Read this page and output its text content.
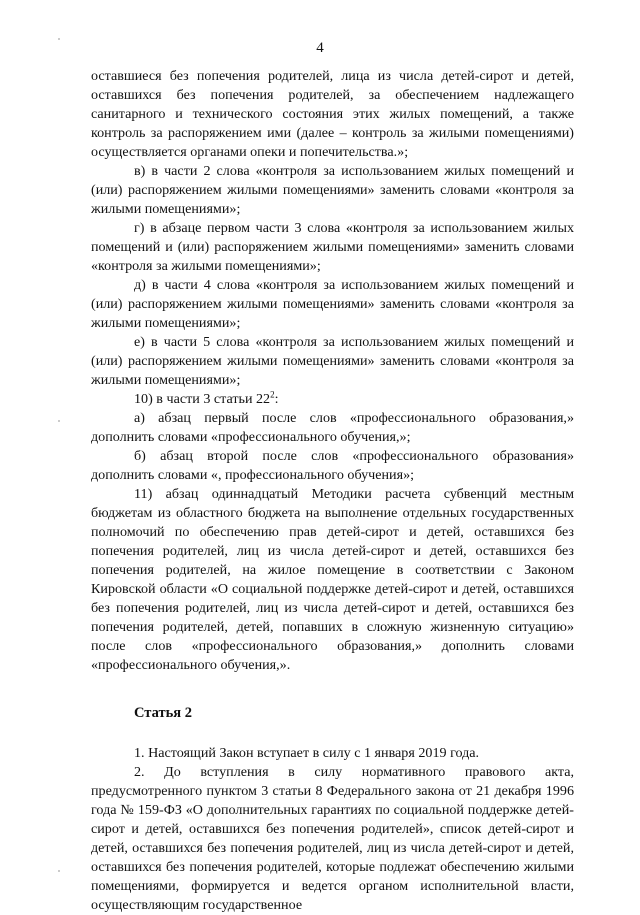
4

оставшиеся без попечения родителей, лица из числа детей-сирот и детей, оставшихся без попечения родителей, за обеспечением надлежащего санитарного и технического состояния этих жилых помещений, а также контроль за распоряжением ими (далее – контроль за жилыми помещениями) осуществляется органами опеки и попечительства.»;

в) в части 2 слова «контроля за использованием жилых помещений и (или) распоряжением жилыми помещениями» заменить словами «контроля за жилыми помещениями»;

г) в абзаце первом части 3 слова «контроля за использованием жилых помещений и (или) распоряжением жилыми помещениями» заменить словами «контроля за жилыми помещениями»;

д) в части 4 слова «контроля за использованием жилых помещений и (или) распоряжением жилыми помещениями» заменить словами «контроля за жилыми помещениями»;

е) в части 5 слова «контроля за использованием жилых помещений и (или) распоряжением жилыми помещениями» заменить словами «контроля за жилыми помещениями»;

10) в части 3 статьи $22^2$:

а) абзац первый после слов «профессионального образования,» дополнить словами «профессионального обучения,»;

б) абзац второй после слов «профессионального образования» дополнить словами «, профессионального обучения»;

11) абзац одиннадцатый Методики расчета субвенций местным бюджетам из областного бюджета на выполнение отдельных государственных полномочий по обеспечению прав детей-сирот и детей, оставшихся без попечения родителей, лиц из числа детей-сирот и детей, оставшихся без попечения родителей, на жилое помещение в соответствии с Законом Кировской области «О социальной поддержке детей-сирот и детей, оставшихся без попечения родителей, лиц из числа детей-сирот и детей, оставшихся без попечения родителей, детей, попавших в сложную жизненную ситуацию» после слов «профессионального образования,» дополнить словами «профессионального обучения,».

Статья 2

1. Настоящий Закон вступает в силу с 1 января 2019 года.

2. До вступления в силу нормативного правового акта, предусмотренного пунктом 3 статьи 8 Федерального закона от 21 декабря 1996 года № 159-ФЗ «О дополнительных гарантиях по социальной поддержке детей-сирот и детей, оставшихся без попечения родителей», список детей-сирот и детей, оставшихся без попечения родителей, лиц из числа детей-сирот и детей, оставшихся без попечения родителей, которые подлежат обеспечению жилыми помещениями, формируется и ведется органом исполнительной власти, осуществляющим государственное
